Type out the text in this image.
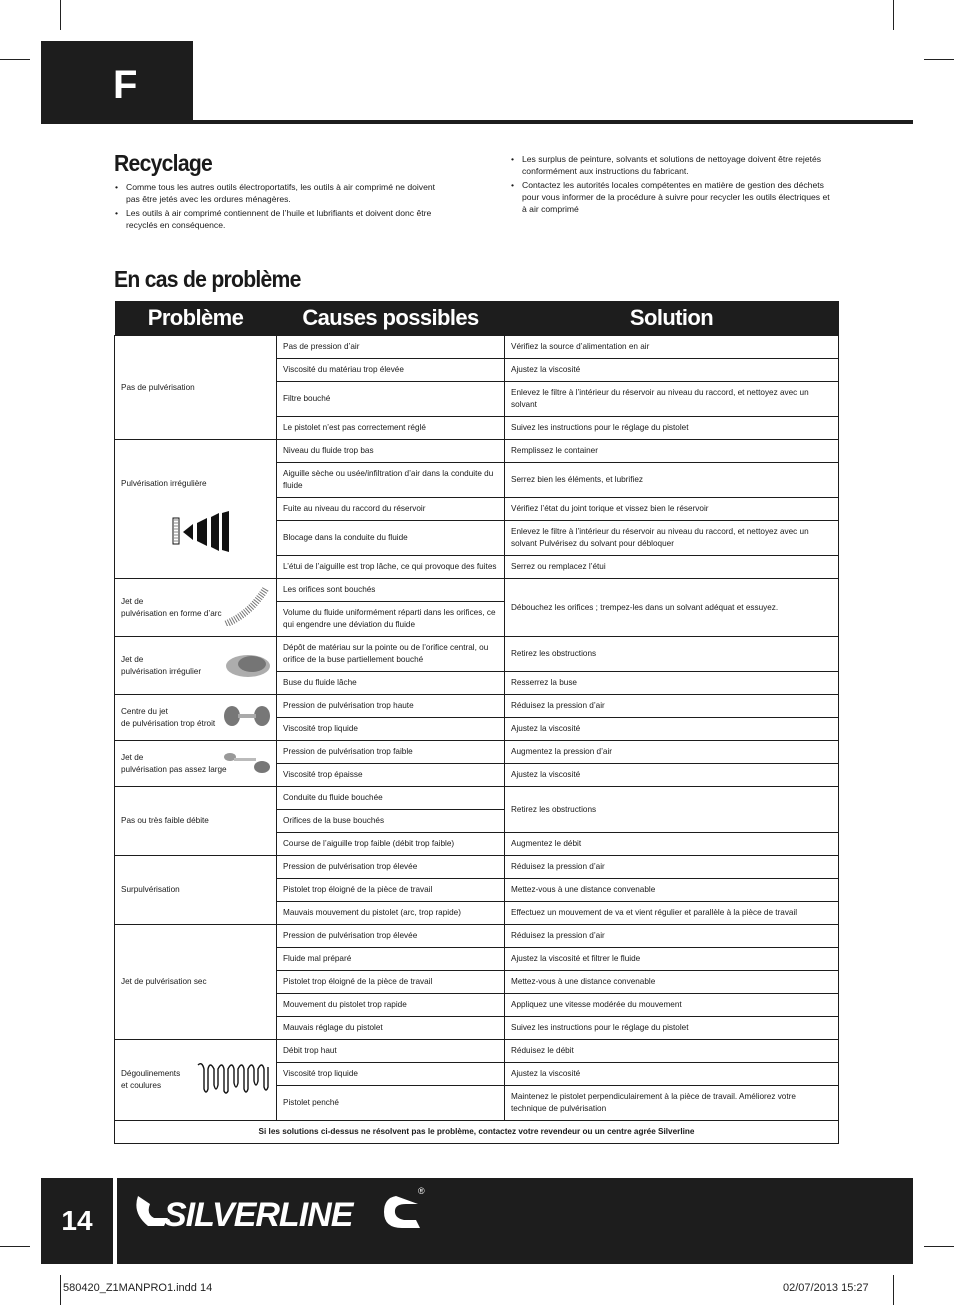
F
Recyclage
• Comme tous les autres outils électroportatifs, les outils à air comprimé ne doivent pas être jetés avec les ordures ménagères.
• Les outils à air comprimé contiennent de l’huile et lubrifiants et doivent donc être recyclés en conséquence.
• Les surplus de peinture, solvants et solutions de nettoyage doivent être rejetés conformément aux instructions du fabricant.
• Contactez les autorités locales compétentes en matière de gestion des déchets pour vous informer de la procédure à suivre pour recycler les outils électriques et à air comprimé
En cas de problème
Problème	Causes possibles	Solution

Pas de pulvérisation	Pas de pression d’air	Vérifiez la source d’alimentation en air
	Viscosité du matériau trop élevée	Ajustez la viscosité
	Filtre bouché	Enlevez le filtre à l’intérieur du réservoir au niveau du raccord, et nettoyez avec un solvant
	Le pistolet n’est pas correctement réglé	Suivez les instructions pour le réglage du pistolet

Pulvérisation irrégulière	Niveau du fluide trop bas	Remplissez le container
	Aiguille sèche ou usée/infiltration d’air dans la conduite du fluide	Serrez bien les éléments, et lubrifiez
	Fuite au niveau du raccord du réservoir	Vérifiez l’état du joint torique et vissez bien le réservoir
	Blocage dans la conduite du fluide	Enlevez le filtre à l’intérieur du réservoir au niveau du raccord, et nettoyez avec un solvant Pulvérisez du solvant pour débloquer
	L’étui de l’aiguille est trop lâche, ce qui provoque des fuites	Serrez ou remplacez l’étui

Jet de
pulvérisation en forme d’arc	Les orifices sont bouchés	Débouchez les orifices ; trempez-les dans un solvant adéquat et essuyez.
	Volume du fluide uniformément réparti dans les orifices, ce qui engendre une déviation du fluide	

Jet de
pulvérisation irrégulier	Dépôt de matériau sur la pointe ou de l’orifice central, ou orifice de la buse partiellement bouché	Retirez les obstructions
	Buse du fluide lâche	Resserrez la buse

Centre du jet
de pulvérisation trop étroit	Pression de pulvérisation trop haute	Réduisez la pression d’air
	Viscosité trop liquide	Ajustez la viscosité

Jet de
pulvérisation pas assez large	Pression de pulvérisation trop faible	Augmentez la pression d’air
	Viscosité trop épaisse	Ajustez la viscosité

Pas ou très faible débite	Conduite du fluide bouchée	Retirez les obstructions
	Orifices de la buse bouchés	
	Course de l’aiguille trop faible (débit trop faible)	Augmentez le débit

Surpulvérisation	Pression de pulvérisation trop élevée	Réduisez la pression d’air
	Pistolet trop éloigné de la pièce de travail	Mettez-vous à une distance convenable
	Mauvais mouvement du pistolet (arc, trop rapide)	Effectuez un mouvement de va et vient régulier et parallèle à la pièce de travail

Jet de pulvérisation sec	Pression de pulvérisation trop élevée	Réduisez la pression d’air
	Fluide mal préparé	Ajustez la viscosité et filtrer le fluide
	Pistolet trop éloigné de la pièce de travail	Mettez-vous à une distance convenable
	Mouvement du pistolet trop rapide	Appliquez une vitesse modérée du mouvement
	Mauvais réglage du pistolet	Suivez les instructions pour le réglage du pistolet

Dégoulinements
et coulures	Débit trop haut	Réduisez le débit
	Viscosité trop liquide	Ajustez la viscosité
	Pistolet penché	Maintenez le pistolet perpendiculairement à la pièce de travail. Améliorez votre technique de pulvérisation
Si les solutions ci-dessus ne résolvent pas le problème, contactez votre revendeur ou un centre agrée Silverline		
14	SILVERLINE
®
580420_Z1MANPRO1.indd 14	02/07/2013 15:27
